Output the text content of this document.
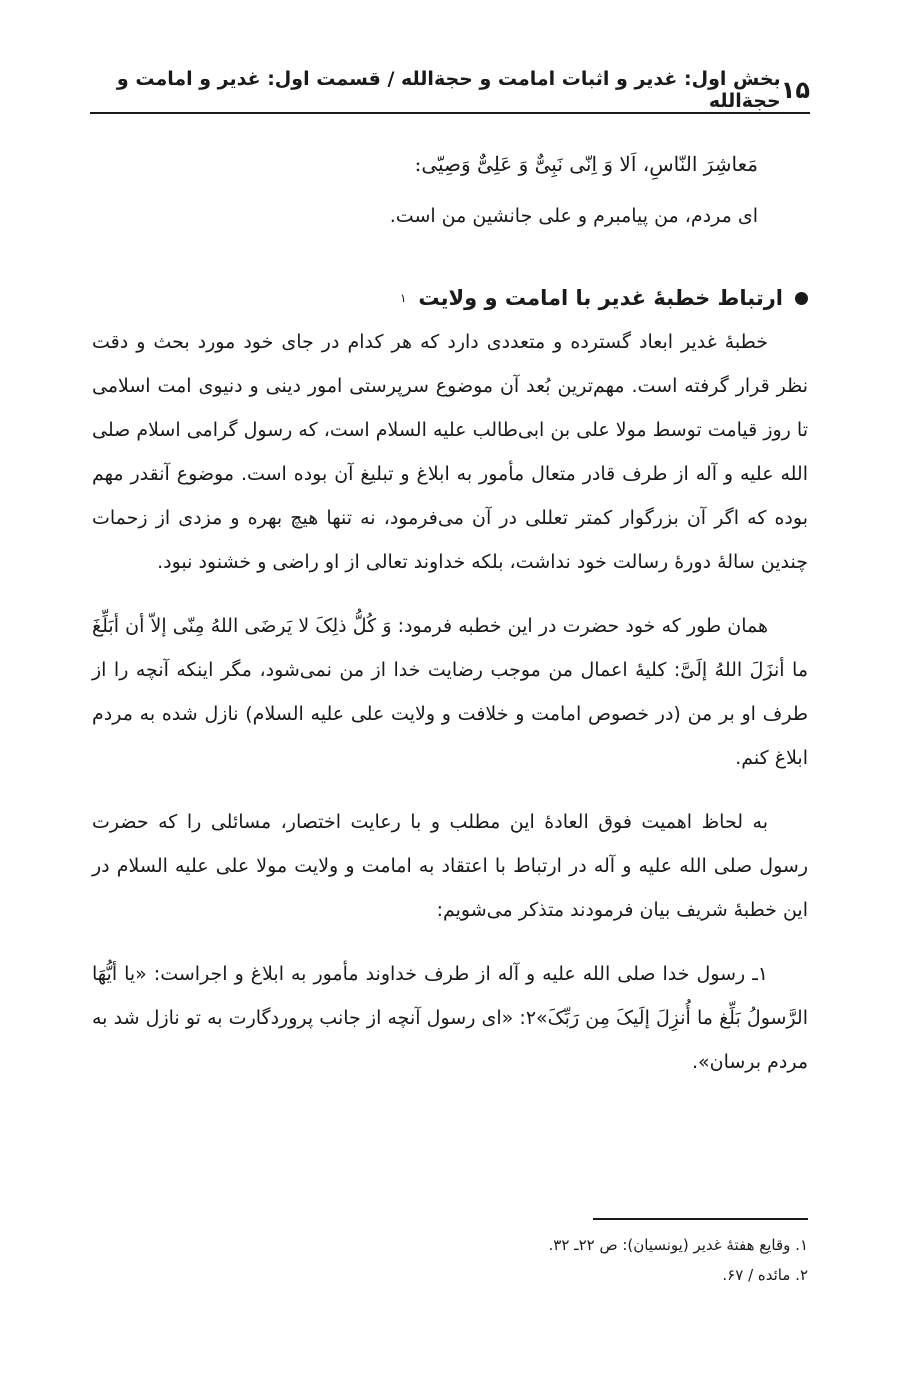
بخش اول: غدیر و اثبات امامت و حجةالله / قسمت اول: غدیر و امامت و حجةالله ۱۵
مَعاشِرَ النّاسِ، اَلا وَ اِنّی نَبِیٌّ وَ عَلِیٌّ وَصِیّی:
ای مردم، من پیامبرم و علی جانشین من است.
ارتباط خطبۀ غدیر با امامت و ولایت
۱

خطبۀ غدیر ابعاد گسترده و متعددی دارد که هر کدام در جای خود مورد بحث و دقت نظر قرار گرفته است. مهم‌ترین بُعد آن موضوع سرپرستی امور دینی و دنیوی امت اسلامی تا روز قیامت توسط مولا علی بن ابی‌طالب علیه السلام است، که رسول گرامی اسلام صلی الله علیه و آله از طرف قادر متعال مأمور به ابلاغ و تبلیغ آن بوده است. موضوع آنقدر مهم بوده که اگر آن بزرگوار کمتر تعللی در آن می‌فرمود، نه تنها هیچ بهره و مزدی از زحمات چندین سالۀ دورۀ رسالت خود نداشت، بلکه خداوند تعالی از او راضی و خشنود نبود.

همان طور که خود حضرت در این خطبه فرمود: وَ کُلُّ ذلِکَ لا یَرضَی اللهُ مِنّی إلاّ أن أبَلِّغَ ما أنزَلَ اللهُ إلَیَّ: کلیۀ اعمال من موجب رضایت خدا از من نمی‌شود، مگر اینکه آنچه را از طرف او بر من (در خصوص امامت و خلافت و ولایت علی علیه السلام) نازل شده به مردم ابلاغ کنم.

به لحاظ اهمیت فوق العادۀ این مطلب و با رعایت اختصار، مسائلی را که حضرت رسول صلی الله علیه و آله در ارتباط با اعتقاد به امامت و ولایت مولا علی علیه السلام در این خطبۀ شریف بیان فرمودند متذکر می‌شویم:

۱ـ رسول خدا صلی الله علیه و آله از طرف خداوند مأمور به ابلاغ و اجراست: «یا أیُّهَا الرَّسولُ بَلِّغ ما أُنزِلَ إلَیکَ مِن رَبِّکَ»۲: «ای رسول آنچه از جانب پروردگارت به تو نازل شد به مردم برسان».

۱. وقایع هفتۀ غدیر (یونسیان): ص ۲۲ـ ۳۲.
۲. مائده / ۶۷.
